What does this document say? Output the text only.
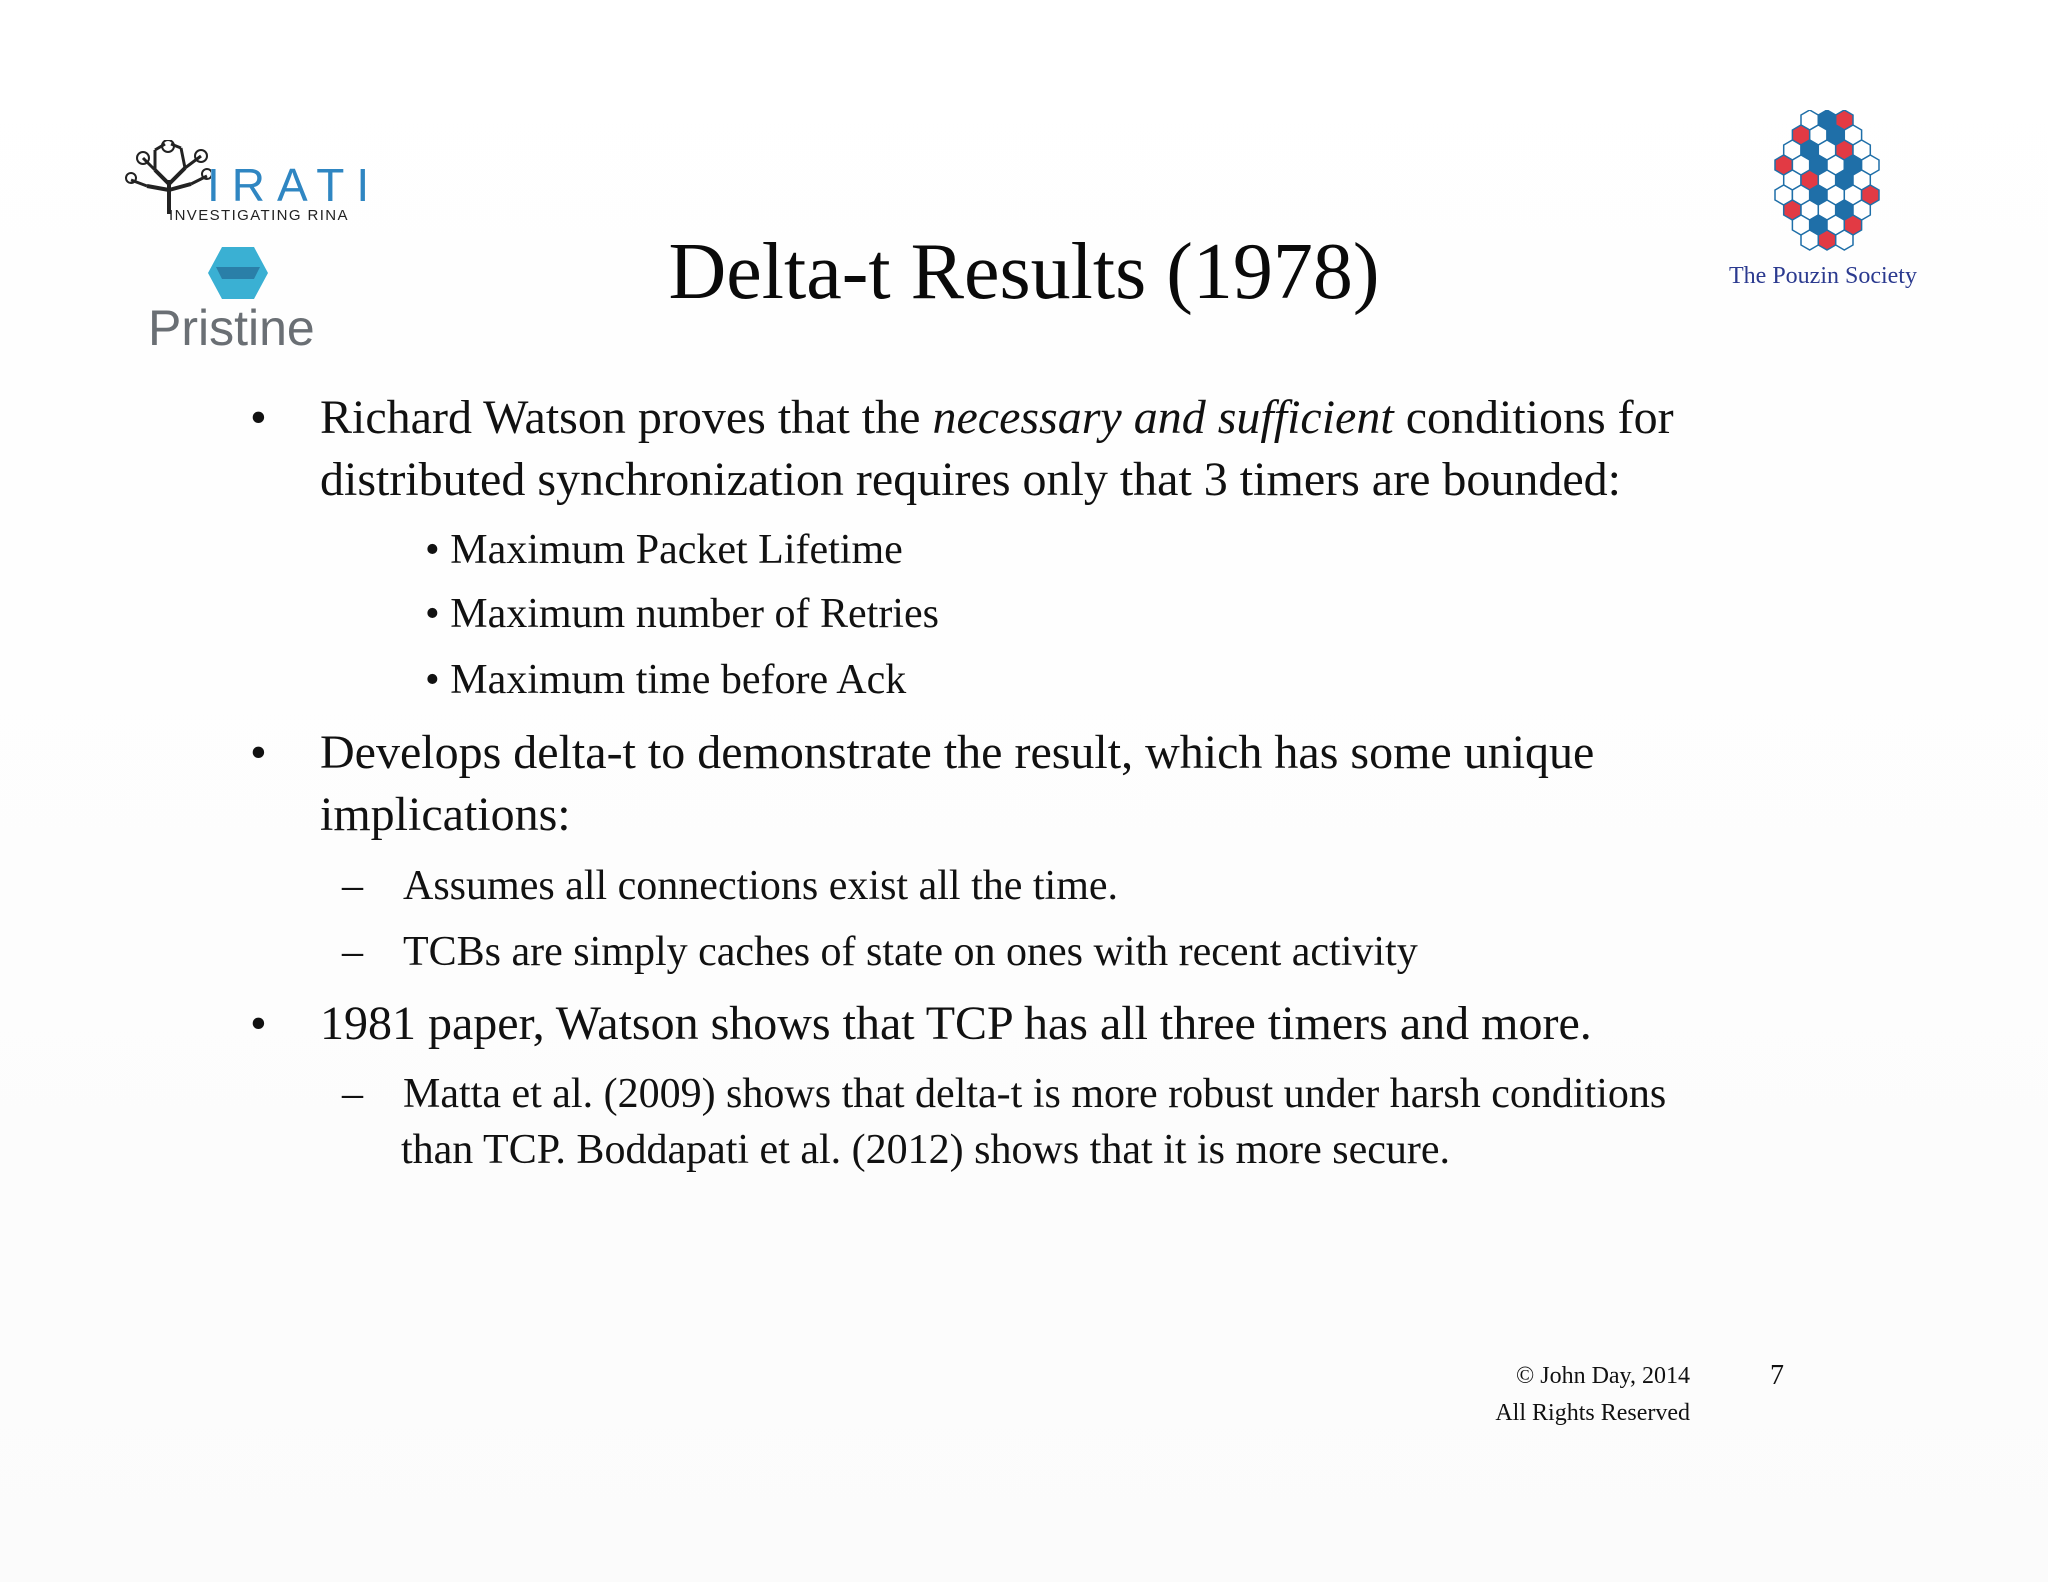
IRATI
INVESTIGATING RINA
Pristine
The Pouzin Society
Delta-t Results (1978)
• Richard Watson proves that the necessary and sufficient conditions for
distributed synchronization requires only that 3 timers are bounded:
• Maximum Packet Lifetime
• Maximum number of Retries
• Maximum time before Ack
• Develops delta-t to demonstrate the result, which has some unique
implications:
– Assumes all connections exist all the time.
– TCBs are simply caches of state on ones with recent activity
• 1981 paper, Watson shows that TCP has all three timers and more.
– Matta et al. (2009) shows that delta-t is more robust under harsh conditions
than TCP. Boddapati et al. (2012) shows that it is more secure.
© John Day, 2014
All Rights Reserved
7
